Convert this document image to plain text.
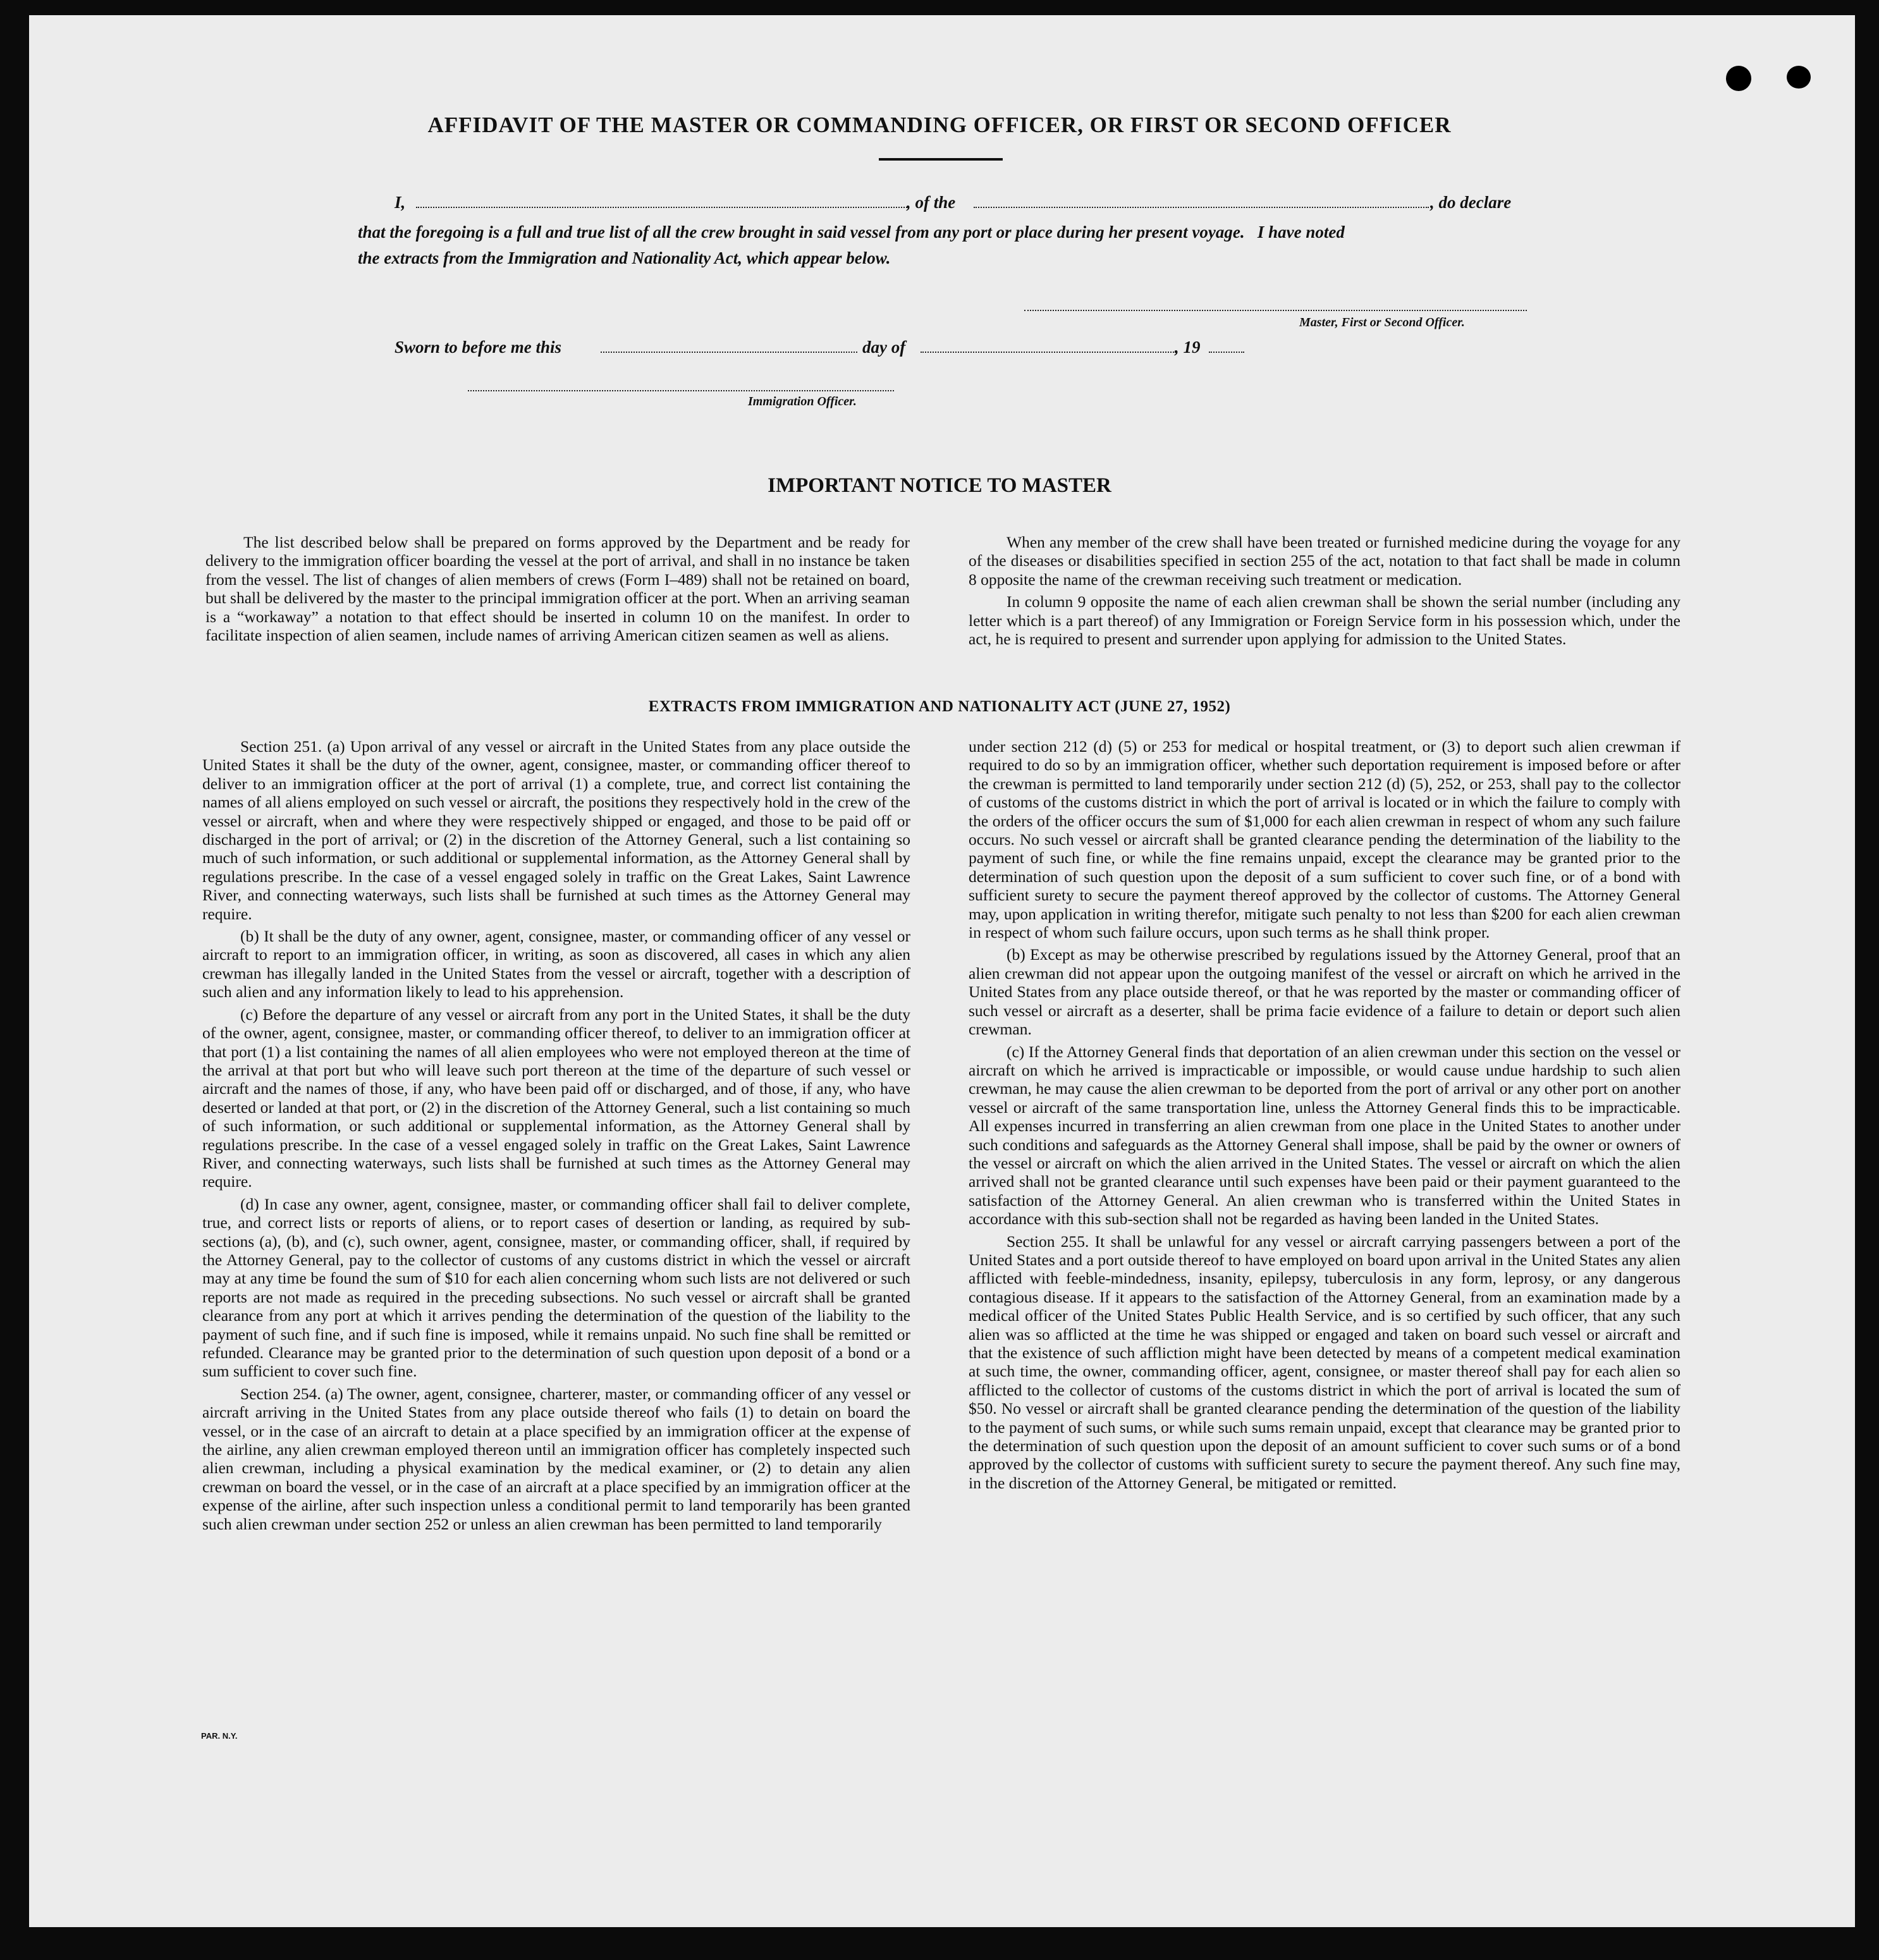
AFFIDAVIT OF THE MASTER OR COMMANDING OFFICER, OR FIRST OR SECOND OFFICER
I,	, of the	, do declare
that the foregoing is a full and true list of all the crew brought in said vessel from any port or place during her present voyage.   I have noted
the extracts from the Immigration and Nationality Act, which appear below.
Master, First or Second Officer.
Sworn to before me this	day of	, 19
Immigration Officer.
IMPORTANT NOTICE TO MASTER

The list described below shall be prepared on forms approved by the Department and be ready for delivery to the immigration officer boarding the vessel at the port of arrival, and shall in no instance be taken from the vessel. The list of changes of alien members of crews (Form I–489) shall not be retained on board, but shall be delivered by the master to the principal immigration officer at the port. When an arriving seaman is a “workaway” a notation to that effect should be inserted in column 10 on the manifest. In order to facilitate inspection of alien seamen, include names of arriving American citizen seamen as well as aliens.

When any member of the crew shall have been treated or furnished medicine during the voyage for any of the diseases or disabilities specified in section 255 of the act, notation to that fact shall be made in column 8 opposite the name of the crewman receiving such treatment or medication.

In column 9 opposite the name of each alien crewman shall be shown the serial number (including any letter which is a part thereof) of any Immigration or Foreign Service form in his possession which, under the act, he is required to present and surrender upon applying for admission to the United States.

EXTRACTS FROM IMMIGRATION AND NATIONALITY ACT (JUNE 27, 1952)

Section 251. (a) Upon arrival of any vessel or aircraft in the United States from any place outside the United States it shall be the duty of the owner, agent, consignee, master, or commanding officer thereof to deliver to an immigration officer at the port of arrival (1) a complete, true, and correct list containing the names of all aliens employed on such vessel or aircraft, the positions they respectively hold in the crew of the vessel or aircraft, when and where they were respectively shipped or engaged, and those to be paid off or discharged in the port of arrival; or (2) in the discretion of the Attorney General, such a list containing so much of such information, or such additional or supplemental information, as the Attorney General shall by regulations prescribe. In the case of a vessel engaged solely in traffic on the Great Lakes, Saint Lawrence River, and connecting waterways, such lists shall be furnished at such times as the Attorney General may require.

(b) It shall be the duty of any owner, agent, consignee, master, or commanding officer of any vessel or aircraft to report to an immigration officer, in writing, as soon as discovered, all cases in which any alien crewman has illegally landed in the United States from the vessel or aircraft, together with a description of such alien and any information likely to lead to his apprehension.

(c) Before the departure of any vessel or aircraft from any port in the United States, it shall be the duty of the owner, agent, consignee, master, or commanding officer thereof, to deliver to an immigration officer at that port (1) a list containing the names of all alien employees who were not employed thereon at the time of the arrival at that port but who will leave such port thereon at the time of the departure of such vessel or aircraft and the names of those, if any, who have been paid off or discharged, and of those, if any, who have deserted or landed at that port, or (2) in the discretion of the Attorney General, such a list containing so much of such information, or such additional or supplemental information, as the Attorney General shall by regulations prescribe. In the case of a vessel engaged solely in traffic on the Great Lakes, Saint Lawrence River, and connecting waterways, such lists shall be furnished at such times as the Attorney General may require.

(d) In case any owner, agent, consignee, master, or commanding officer shall fail to deliver complete, true, and correct lists or reports of aliens, or to report cases of desertion or landing, as required by sub-sections (a), (b), and (c), such owner, agent, consignee, master, or commanding officer, shall, if required by the Attorney General, pay to the collector of customs of any customs district in which the vessel or aircraft may at any time be found the sum of $10 for each alien concerning whom such lists are not delivered or such reports are not made as required in the preceding subsections. No such vessel or aircraft shall be granted clearance from any port at which it arrives pending the determination of the question of the liability to the payment of such fine, and if such fine is imposed, while it remains unpaid. No such fine shall be remitted or refunded. Clearance may be granted prior to the determination of such question upon deposit of a bond or a sum sufficient to cover such fine.

Section 254. (a) The owner, agent, consignee, charterer, master, or commanding officer of any vessel or aircraft arriving in the United States from any place outside thereof who fails (1) to detain on board the vessel, or in the case of an aircraft to detain at a place specified by an immigration officer at the expense of the airline, any alien crewman employed thereon until an immigration officer has completely inspected such alien crewman, including a physical examination by the medical examiner, or (2) to detain any alien crewman on board the vessel, or in the case of an aircraft at a place specified by an immigration officer at the expense of the airline, after such inspection unless a conditional permit to land temporarily has been granted such alien crewman under section 252 or unless an alien crewman has been permitted to land temporarily

under section 212 (d) (5) or 253 for medical or hospital treatment, or (3) to deport such alien crewman if required to do so by an immigration officer, whether such deportation requirement is imposed before or after the crewman is permitted to land temporarily under section 212 (d) (5), 252, or 253, shall pay to the collector of customs of the customs district in which the port of arrival is located or in which the failure to comply with the orders of the officer occurs the sum of $1,000 for each alien crewman in respect of whom any such failure occurs. No such vessel or aircraft shall be granted clearance pending the determination of the liability to the payment of such fine, or while the fine remains unpaid, except the clearance may be granted prior to the determination of such question upon the deposit of a sum sufficient to cover such fine, or of a bond with sufficient surety to secure the payment thereof approved by the collector of customs. The Attorney General may, upon application in writing therefor, mitigate such penalty to not less than $200 for each alien crewman in respect of whom such failure occurs, upon such terms as he shall think proper.

(b) Except as may be otherwise prescribed by regulations issued by the Attorney General, proof that an alien crewman did not appear upon the outgoing manifest of the vessel or aircraft on which he arrived in the United States from any place outside thereof, or that he was reported by the master or commanding officer of such vessel or aircraft as a deserter, shall be prima facie evidence of a failure to detain or deport such alien crewman.

(c) If the Attorney General finds that deportation of an alien crewman under this section on the vessel or aircraft on which he arrived is impracticable or impossible, or would cause undue hardship to such alien crewman, he may cause the alien crewman to be deported from the port of arrival or any other port on another vessel or aircraft of the same transportation line, unless the Attorney General finds this to be impracticable. All expenses incurred in transferring an alien crewman from one place in the United States to another under such conditions and safeguards as the Attorney General shall impose, shall be paid by the owner or owners of the vessel or aircraft on which the alien arrived in the United States. The vessel or aircraft on which the alien arrived shall not be granted clearance until such expenses have been paid or their payment guaranteed to the satisfaction of the Attorney General. An alien crewman who is transferred within the United States in accordance with this sub-section shall not be regarded as having been landed in the United States.

Section 255. It shall be unlawful for any vessel or aircraft carrying passengers between a port of the United States and a port outside thereof to have employed on board upon arrival in the United States any alien afflicted with feeble-mindedness, insanity, epilepsy, tuberculosis in any form, leprosy, or any dangerous contagious disease. If it appears to the satisfaction of the Attorney General, from an examination made by a medical officer of the United States Public Health Service, and is so certified by such officer, that any such alien was so afflicted at the time he was shipped or engaged and taken on board such vessel or aircraft and that the existence of such affliction might have been detected by means of a competent medical examination at such time, the owner, commanding officer, agent, consignee, or master thereof shall pay for each alien so afflicted to the collector of customs of the customs district in which the port of arrival is located the sum of $50. No vessel or aircraft shall be granted clearance pending the determination of the question of the liability to the payment of such sums, or while such sums remain unpaid, except that clearance may be granted prior to the determination of such question upon the deposit of an amount sufficient to cover such sums or of a bond approved by the collector of customs with sufficient surety to secure the payment thereof. Any such fine may, in the discretion of the Attorney General, be mitigated or remitted.

PAR. N.Y.
